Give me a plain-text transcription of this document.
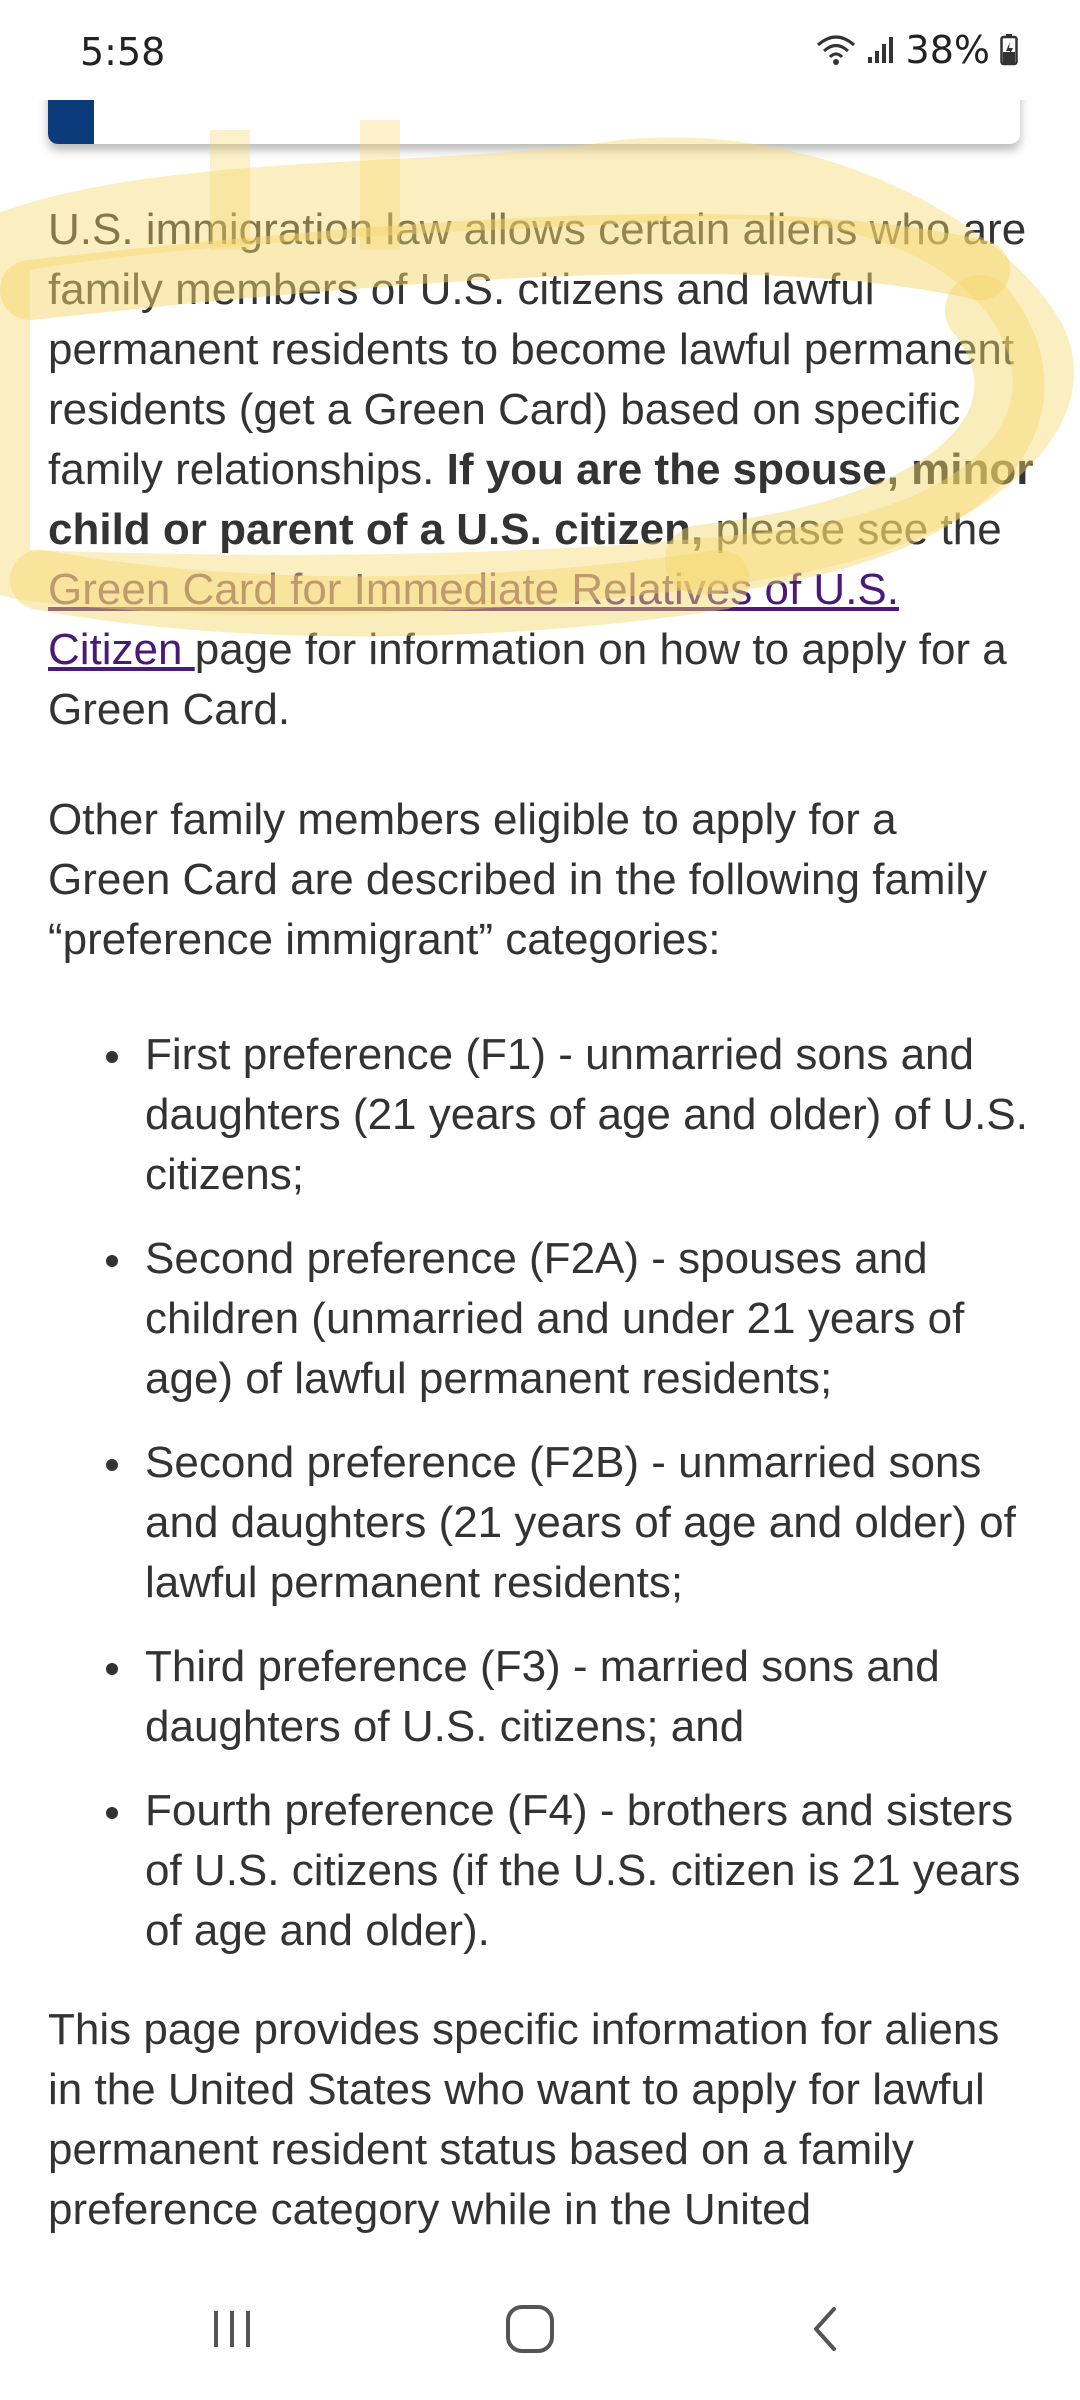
5:58	38%

U.S. immigration law allows certain aliens who are family members of U.S. citizens and lawful permanent residents to become lawful permanent residents (get a Green Card) based on specific family relationships. If you are the spouse, minor child or parent of a U.S. citizen, please see the Green Card for Immediate Relatives of U.S. Citizen page for information on how to apply for a Green Card.

Other family members eligible to apply for a Green Card are described in the following family “preference immigrant” categories:

First preference (F1) - unmarried sons and daughters (21 years of age and older) of U.S. citizens;
Second preference (F2A) - spouses and children (unmarried and under 21 years of age) of lawful permanent residents;
Second preference (F2B) - unmarried sons and daughters (21 years of age and older) of lawful permanent residents;
Third preference (F3) - married sons and daughters of U.S. citizens; and
Fourth preference (F4) - brothers and sisters of U.S. citizens (if the U.S. citizen is 21 years of age and older).

This page provides specific information for aliens in the United States who want to apply for lawful permanent resident status based on a family preference category while in the United
